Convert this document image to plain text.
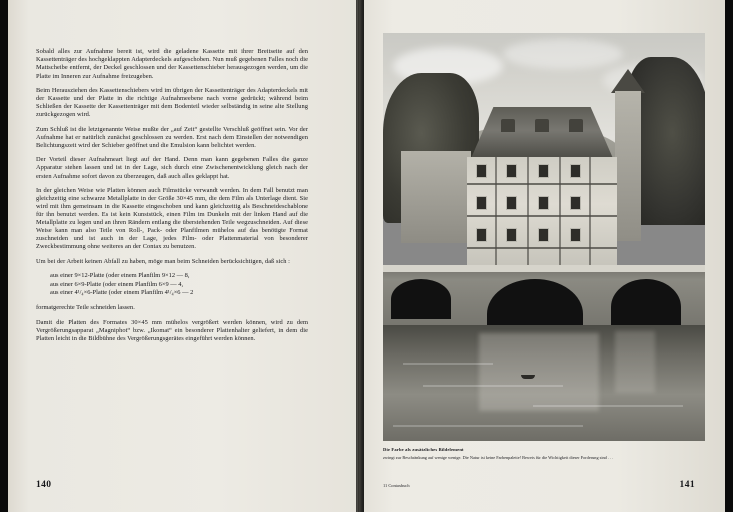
Sobald alles zur Aufnahme bereit ist, wird die geladene Kassette mit ihrer Breitseite auf den Kassettenträger des hochgeklappten Adapterdeckels aufgeschoben. Nun muß gegebenen Falles noch die Mattscheibe entfernt, der Deckel geschlossen und der Kassettenschieber herausgezogen werden, um die Platte im Inneren zur Aufnahme freizugeben.

Beim Herausziehen des Kassettenschiebers wird im übrigen der Kassettenträger des Adapterdeckels mit der Kassette und der Platte in die richtige Aufnahmeebene nach vorne gedrückt; während beim Schließen der Kassette der Kassettenträger mit dem Bodenteil wieder selbständig in seine alte Stellung zurückgezogen wird.

Zum Schluß ist die letztgenannte Weise mußte der „auf Zeit“ gestellte Verschluß geöffnet sein. Vor der Aufnahme hat er natürlich zunächst geschlossen zu werden. Erst nach dem Einstellen der notwendigen Belichtungszeit wird der Schieber geöffnet und die Emulsion kann belichtet werden.

Der Vorteil dieser Aufnahmeart liegt auf der Hand. Denn man kann gegebenen Falles die ganze Apparatur stehen lassen und ist in der Lage, sich durch eine Zwischenentwicklung gleich nach der ersten Aufnahme sofort davon zu überzeugen, daß auch alles geklappt hat.

In der gleichen Weise wie Platten können auch Filmstücke verwandt werden. In dem Fall benutzt man gleichzeitig eine schwarze Metallplatte in der Größe 30×45 mm, die dem Film als Unterlage dient. Sie wird mit ihm gemeinsam in die Kassette eingeschoben und kann gleichzeitig als Beschneideschablone für ihn benutzt werden. Es ist kein Kunststück, einen Film im Dunkeln mit der linken Hand auf die Metallplatte zu legen und an ihren Rändern entlang die überstehenden Teile wegzuschneiden. Auf diese Weise kann man also Teile von Roll-, Pack- oder Planfilmen mühelos auf das benötigte Format zuschneiden und ist auch in der Lage, jedes Film- oder Plattenmaterial von besonderer Zweckbestimmung ohne weiteres an der Contax zu benutzen.

Um bei der Arbeit keinen Abfall zu haben, möge man beim Schneiden berücksichtigen, daß sich :

aus einer 9×12-Platte (oder einem Planfilm 9×12 — 8,
aus einer 6×9-Platte (oder einem Planfilm 6×9 — 4,
aus einer 4¹/₄×6-Platte (oder einem Planfilm 4¹/₄×6 — 2
formatgerechte Teile schneiden lassen.

Damit die Platten des Formates 30×45 mm mühelos vergrößert werden können, wird zu dem Vergrößerungsapparat „Magniphot“ bzw. „Ikomat“ ein besonderer Plattenhalter geliefert, in dem die Platten leicht in die Bildbühne des Vergrößerungsgerätes eingeführt werden können.

140
Die Farbe als zusätzliches Bildelement
zwingt zur Beschränkung auf wenige wenige. Die Natur ist keine Farbenpalette! Beweis für die Wichtigkeit dieser Forderung sind . . .
11 Contaxbuch	141
